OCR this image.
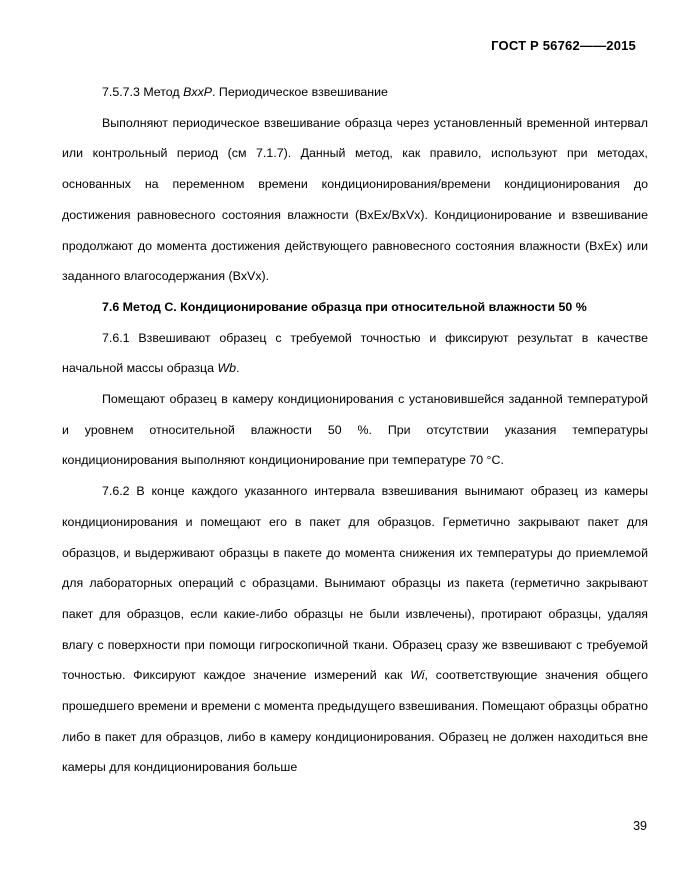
ГОСТ Р 56762——2015

7.5.7.3 Метод BxxP. Периодическое взвешивание

Выполняют периодическое взвешивание образца через установленный временной интервал или контрольный период (см 7.1.7). Данный метод, как правило, используют при методах, основанных на переменном времени кондиционирования/времени кондиционирования до достижения равновесного состояния влажности (BxEx/BxVx). Кондиционирование и взвешивание продолжают до момента достижения действующего равновесного состояния влажности (BxEx) или заданного влагосодержания (BxVx).

7.6 Метод C. Кондиционирование образца при относительной влажности 50 %

7.6.1 Взвешивают образец с требуемой точностью и фиксируют результат в качестве начальной массы образца Wb.

Помещают образец в камеру кондиционирования с установившейся заданной температурой и уровнем относительной влажности 50 %. При отсутствии указания температуры кондиционирования выполняют кондиционирование при температуре 70 °С.

7.6.2 В конце каждого указанного интервала взвешивания вынимают образец из камеры кондиционирования и помещают его в пакет для образцов. Герметично закрывают пакет для образцов, и выдерживают образцы в пакете до момента снижения их температуры до приемлемой для лабораторных операций с образцами. Вынимают образцы из пакета (герметично закрывают пакет для образцов, если какие-либо образцы не были извлечены), протирают образцы, удаляя влагу с поверхности при помощи гигроскопичной ткани. Образец сразу же взвешивают с требуемой точностью. Фиксируют каждое значение измерений как Wi, соответствующие значения общего прошедшего времени и времени с момента предыдущего взвешивания. Помещают образцы обратно либо в пакет для образцов, либо в камеру кондиционирования. Образец не должен находиться вне камеры для кондиционирования больше

39
